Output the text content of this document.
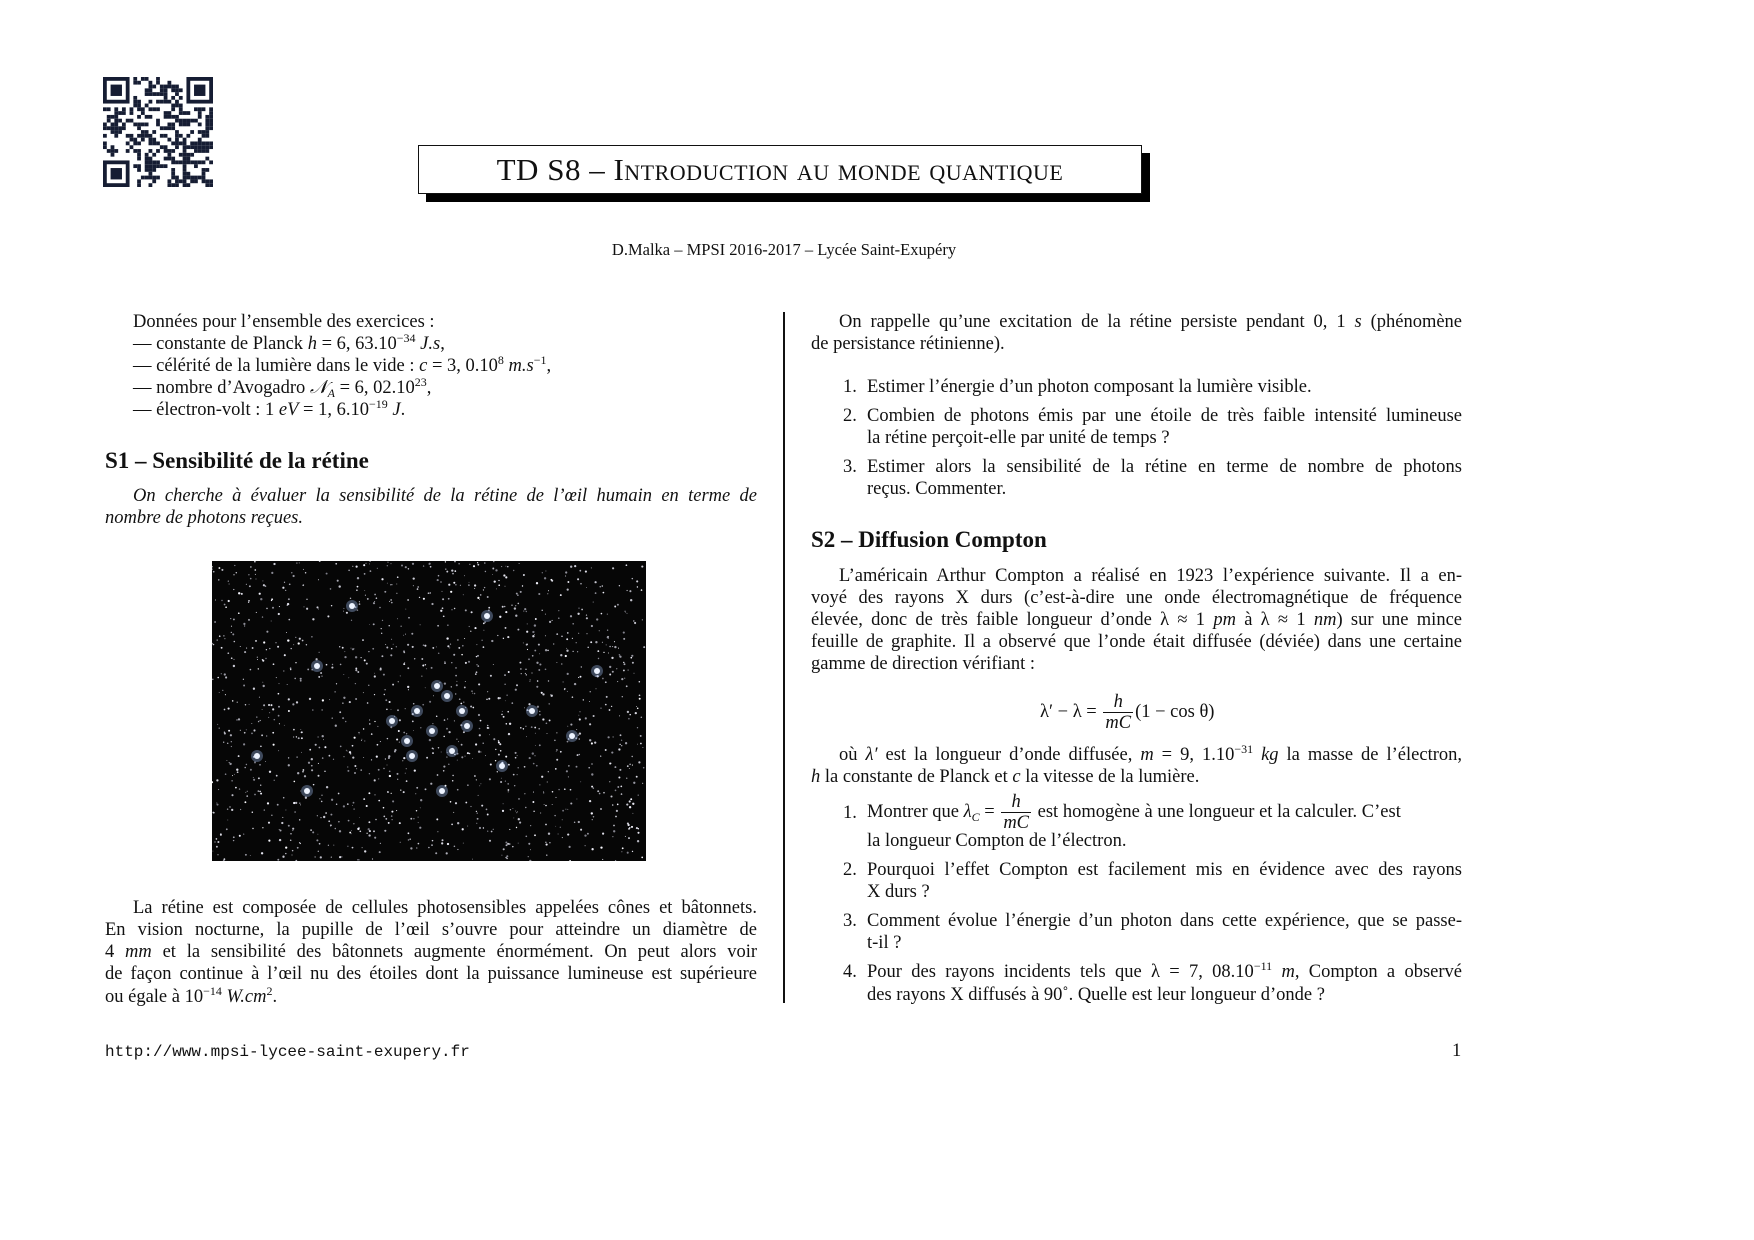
TD S8 – Introduction au monde quantique
D.Malka – MPSI 2016-2017 – Lycée Saint-Exupéry
Données pour l’ensemble des exercices :
— constante de Planck h = 6, $63.10^{-34}$ J.s,
— célérité de la lumière dans le vide : c = 3, 0.10$^8$ $m.s^{-1}$,
— nombre d’Avogadro 𝒩$_A$ = 6, 02.10$^{23}$,
— électron-volt : 1 eV = 1, $6.10^{-19}$ J.
S1 – Sensibilité de la rétine
On cherche à évaluer la sensibilité de la rétine de l’œil humain en terme de
nombre de photons reçues.
La rétine est composée de cellules photosensibles appelées cônes et bâtonnets.
En vision nocturne, la pupille de l’œil s’ouvre pour atteindre un diamètre de
4 mm et la sensibilité des bâtonnets augmente énormément. On peut alors voir
de façon continue à l’œil nu des étoiles dont la puissance lumineuse est supérieure
ou égale à $10^{-14}$ $W.cm^2$.
On rappelle qu’une excitation de la rétine persiste pendant 0, 1 s (phénomène
de persistance rétinienne).
1. Estimer l’énergie d’un photon composant la lumière visible.
2. Combien de photons émis par une étoile de très faible intensité lumineuse
la rétine perçoit-elle par unité de temps ?
3. Estimer alors la sensibilité de la rétine en terme de nombre de photons
reçus. Commenter.
S2 – Diffusion Compton
L’américain Arthur Compton a réalisé en 1923 l’expérience suivante. Il a en-
voyé des rayons X durs (c’est-à-dire une onde électromagnétique de fréquence
élevée, donc de très faible longueur d’onde λ ≈ 1 pm à λ ≈ 1 nm) sur une mince
feuille de graphite. Il a observé que l’onde était diffusée (déviée) dans une certaine
gamme de direction vérifiant :
$\lambda' - \lambda = \frac{h}{mC} (1 - \cos \theta)$
où λ′ est la longueur d’onde diffusée, m = 9, $1.10^{-31}$ kg la masse de l’électron,
h la constante de Planck et c la vitesse de la lumière.
1. Montrer que $\lambda_C = \frac{h}{mC}$ est homogène à une longueur et la calculer. C’est
la longueur Compton de l’électron.
2. Pourquoi l’effet Compton est facilement mis en évidence avec des rayons
X durs ?
3. Comment évolue l’énergie d’un photon dans cette expérience, que se passe-
t-il ?
4. Pour des rayons incidents tels que λ = 7, $08.10^{-11}$ m, Compton a observé
des rayons X diffusés à 90˚. Quelle est leur longueur d’onde ?
http://www.mpsi-lycee-saint-exupery.fr	1
